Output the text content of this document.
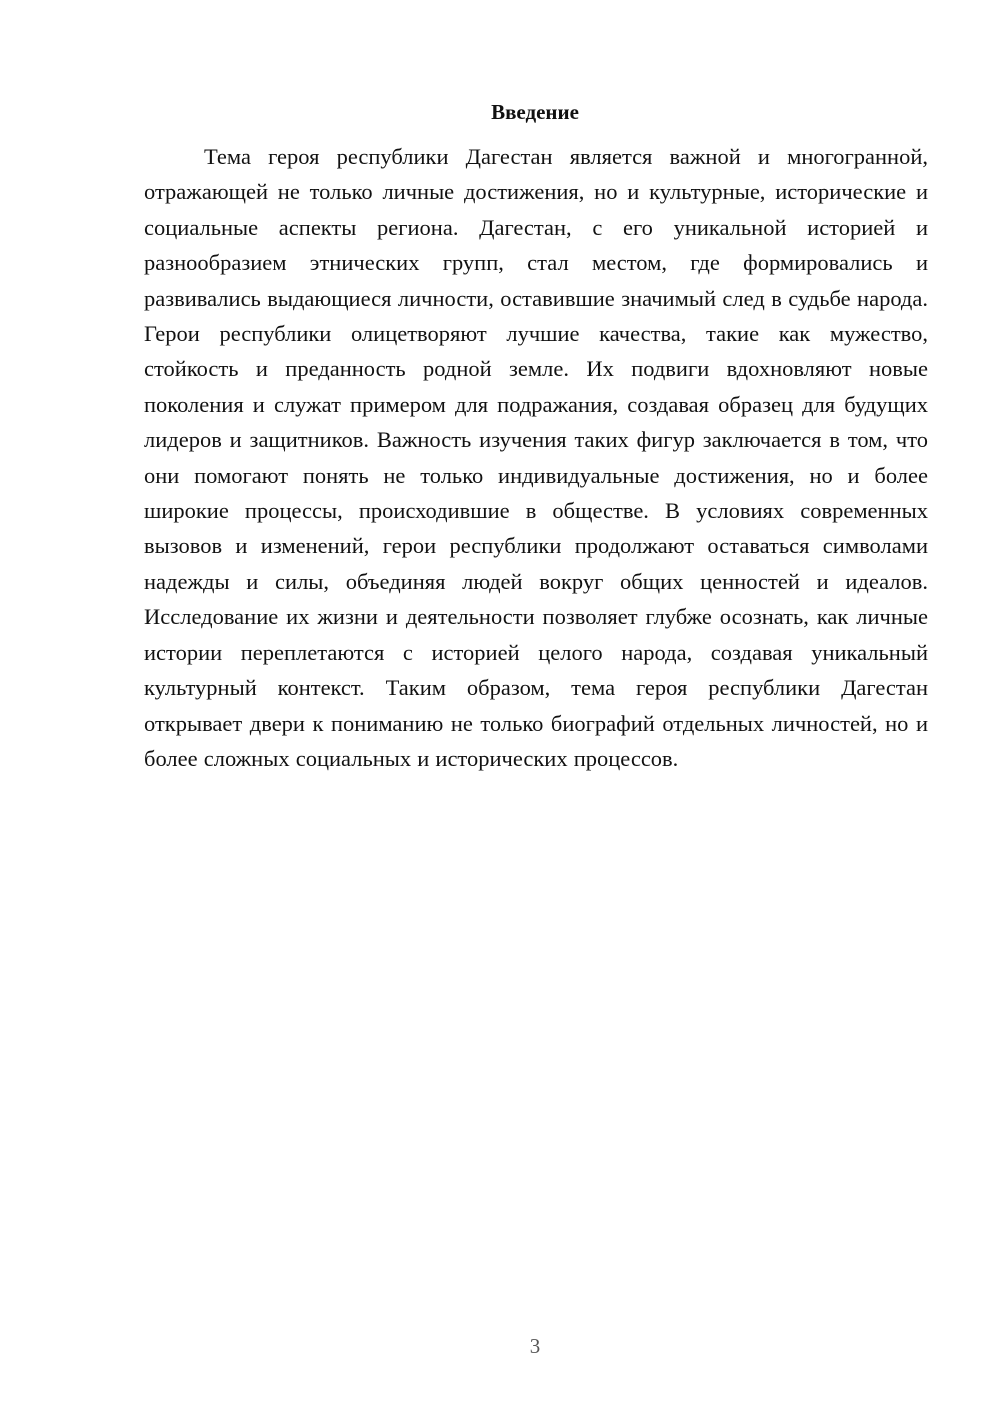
Введение

Тема героя республики Дагестан является важной и многогранной, отражающей не только личные достижения, но и культурные, исторические и социальные аспекты региона. Дагестан, с его уникальной историей и разнообразием этнических групп, стал местом, где формировались и развивались выдающиеся личности, оставившие значимый след в судьбе народа. Герои республики олицетворяют лучшие качества, такие как мужество, стойкость и преданность родной земле. Их подвиги вдохновляют новые поколения и служат примером для подражания, создавая образец для будущих лидеров и защитников. Важность изучения таких фигур заключается в том, что они помогают понять не только индивидуальные достижения, но и более широкие процессы, происходившие в обществе. В условиях современных вызовов и изменений, герои республики продолжают оставаться символами надежды и силы, объединяя людей вокруг общих ценностей и идеалов. Исследование их жизни и деятельности позволяет глубже осознать, как личные истории переплетаются с историей целого народа, создавая уникальный культурный контекст. Таким образом, тема героя республики Дагестан открывает двери к пониманию не только биографий отдельных личностей, но и более сложных социальных и исторических процессов.

3
